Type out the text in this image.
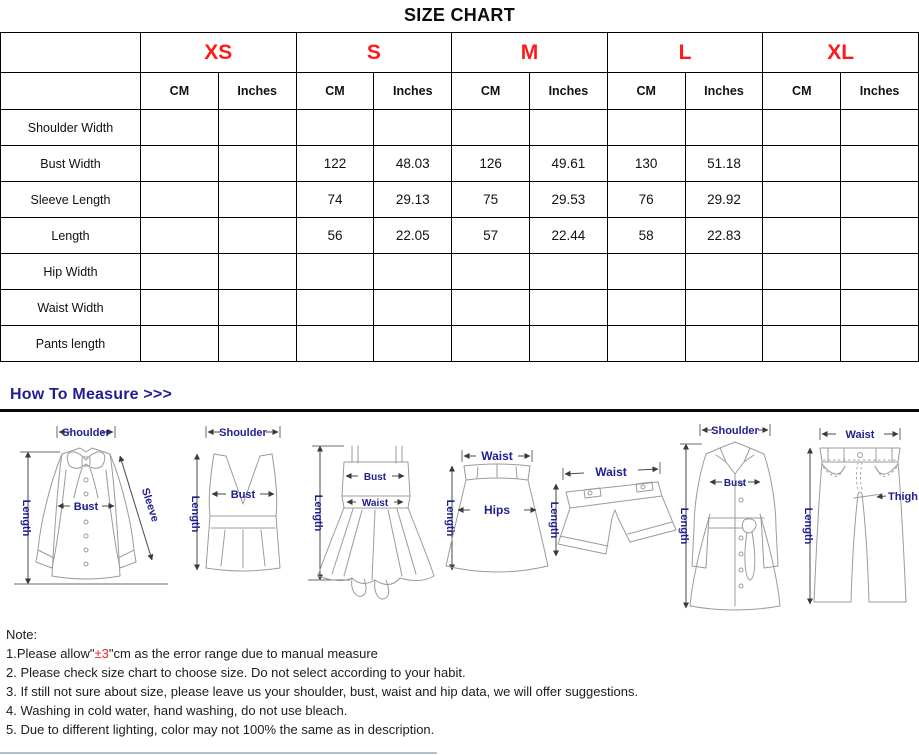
SIZE CHART
	XS		S		M		L		XL	
	CM	Inches	CM	Inches	CM	Inches	CM	Inches	CM	Inches
Shoulder Width										
Bust Width			122	48.03	126	49.61	130	51.18		
Sleeve Length			74	29.13	75	29.53	76	29.92		
Length			56	22.05	57	22.44	58	22.83		
Hip Width										
Waist Width										
Pants length										
How To Measure >>>
Shoulder
Length	Bust	Sleeve
Shoulder
Length
Bust	Length
Bust
Waist
Waist
Length Hips
Waist
Length
Shoulder
Length
Bust
Waist
Length
Thigh
Note:
1.Please allow"±3"cm as the error range due to manual measure
2. Please check size chart to choose size. Do not select according to your habit.
3. If still not sure about size, please leave us your shoulder, bust, waist and hip data, we will offer suggestions.
4. Washing in cold water, hand washing, do not use bleach.
5. Due to different lighting, color may not 100% the same as in description.
